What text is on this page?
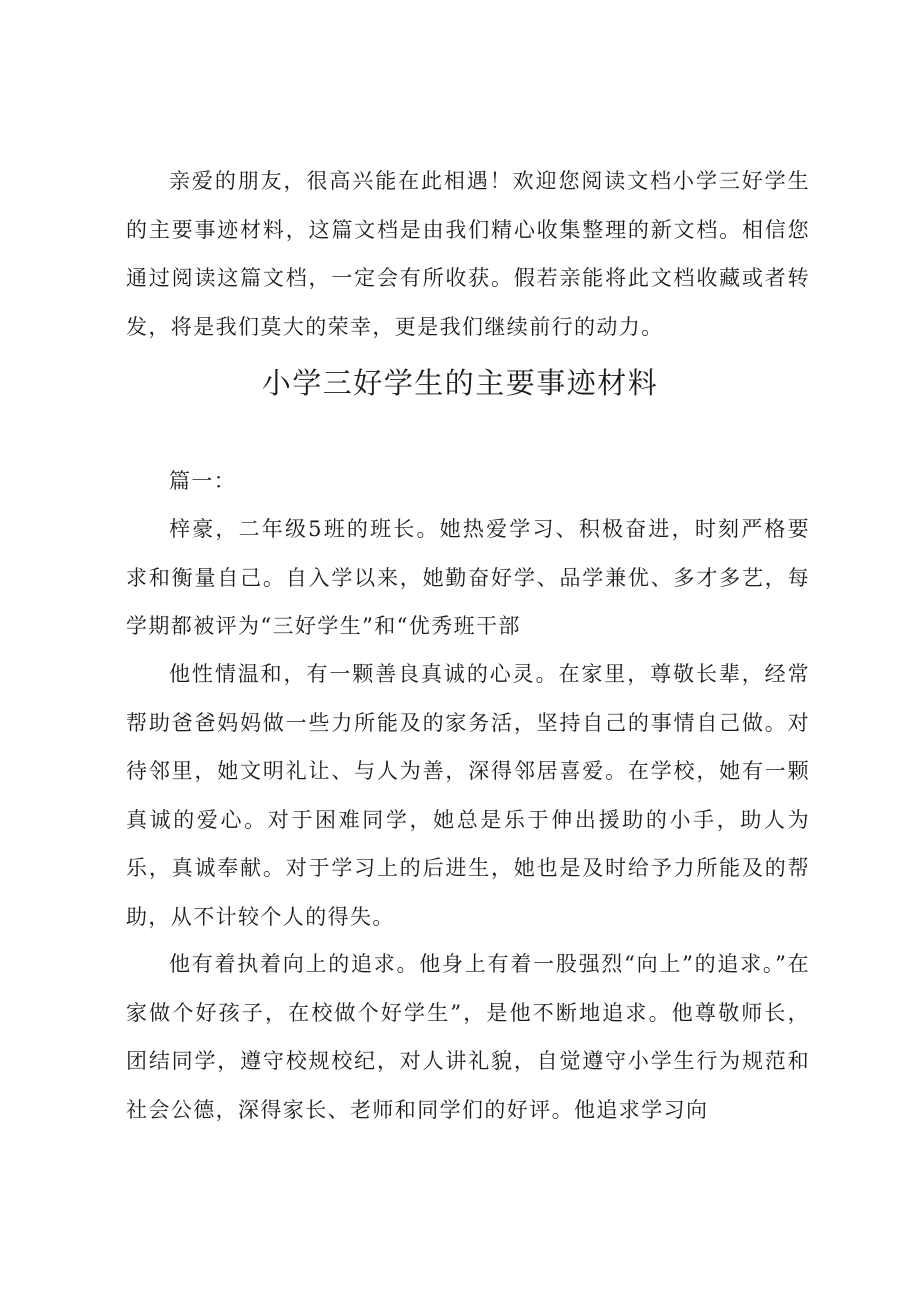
亲爱的朋友，很高兴能在此相遇！欢迎您阅读文档小学三好学生的主要事迹材料，这篇文档是由我们精心收集整理的新文档。相信您通过阅读这篇文档，一定会有所收获。假若亲能将此文档收藏或者转发，将是我们莫大的荣幸，更是我们继续前行的动力。

小学三好学生的主要事迹材料

篇一：

梓豪，二年级5班的班长。她热爱学习、积极奋进，时刻严格要求和衡量自己。自入学以来，她勤奋好学、品学兼优、多才多艺，每学期都被评为“三好学生”和“优秀班干部

他性情温和，有一颗善良真诚的心灵。在家里，尊敬长辈，经常帮助爸爸妈妈做一些力所能及的家务活，坚持自己的事情自己做。对待邻里，她文明礼让、与人为善，深得邻居喜爱。在学校，她有一颗真诚的爱心。对于困难同学，她总是乐于伸出援助的小手，助人为乐，真诚奉献。对于学习上的后进生，她也是及时给予力所能及的帮助，从不计较个人的得失。

他有着执着向上的追求。他身上有着一股强烈“向上”的追求。”在家做个好孩子，在校做个好学生”，是他不断地追求。他尊敬师长，团结同学，遵守校规校纪，对人讲礼貌，自觉遵守小学生行为规范和社会公德，深得家长、老师和同学们的好评。他追求学习向
